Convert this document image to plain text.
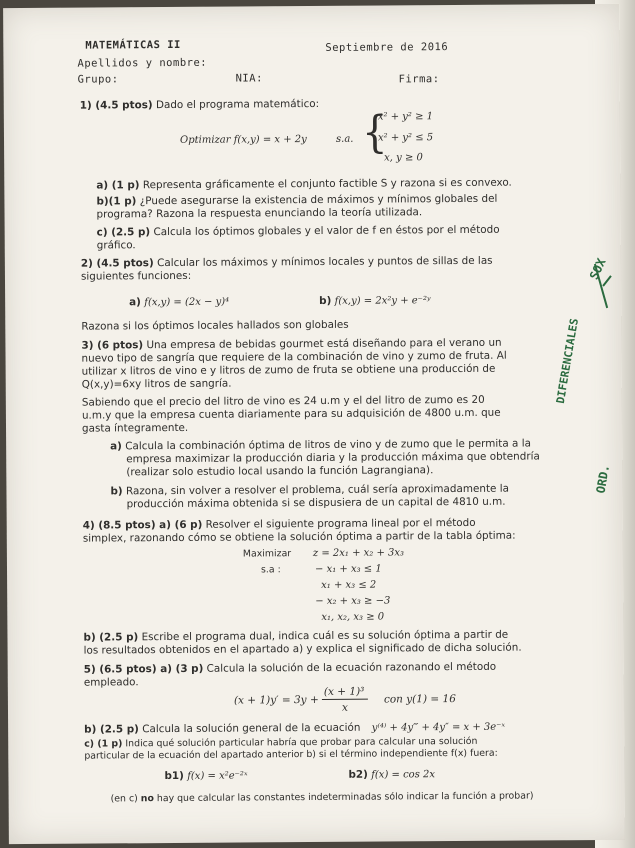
MATEMÁTICAS II	Septiembre de 2016
Apellidos y nombre:
Grupo:	NIA:	Firma:
1) (4.5 ptos) Dado el programa matemático:
Optimizar f(x,y) = x + 2y	s.a. {
x² + y² ≥ 1
x² + y² ≤ 5
x, y ≥ 0
a) (1 p) Representa gráficamente el conjunto factible S y razona si es convexo.
b)(1 p) ¿Puede asegurarse la existencia de máximos y mínimos globales del
programa? Razona la respuesta enunciando la teoría utilizada.
c) (2.5 p) Calcula los óptimos globales y el valor de f en éstos por el método
gráfico.
2) (4.5 ptos) Calcular los máximos y mínimos locales y puntos de sillas de las
siguientes funciones:
a) f(x,y) = (2x − y)⁴	b) f(x,y) = 2x²y + e⁻²ʸ
Razona si los óptimos locales hallados son globales
3) (6 ptos) Una empresa de bebidas gourmet está diseñando para el verano un
nuevo tipo de sangría que requiere de la combinación de vino y zumo de fruta. Al
utilizar x litros de vino e y litros de zumo de fruta se obtiene una producción de
Q(x,y)=6xy litros de sangría.
Sabiendo que el precio del litro de vino es 24 u.m y el del litro de zumo es 20
u.m.y que la empresa cuenta diariamente para su adquisición de 4800 u.m. que
gasta íntegramente.
a) Calcula la combinación óptima de litros de vino y de zumo que le permita a la
empresa maximizar la producción diaria y la producción máxima que obtendría
(realizar solo estudio local usando la función Lagrangiana).
b) Razona, sin volver a resolver el problema, cuál sería aproximadamente la
producción máxima obtenida si se dispusiera de un capital de 4810 u.m.
4) (8.5 ptos) a) (6 p) Resolver el siguiente programa lineal por el método
simplex, razonando cómo se obtiene la solución óptima a partir de la tabla óptima:
Maximizar z = 2x₁ + x₂ + 3x₃
s.a :	− x₁ + x₃ ≤ 1
x₁ + x₃ ≤ 2
− x₂ + x₃ ≥ −3
x₁, x₂, x₃ ≥ 0
b) (2.5 p) Escribe el programa dual, indica cuál es su solución óptima a partir de
los resultados obtenidos en el apartado a) y explica el significado de dicha solución.
5) (6.5 ptos) a) (3 p) Calcula la solución de la ecuación razonando el método
empleado.
(x + 1)y′ = 3y +
(x + 1)³
x
con y(1) = 16
b) (2.5 p) Calcula la solución general de la ecuación y⁽⁴⁾ + 4y‴ + 4y″ = x + 3e⁻ˣ
c) (1 p) Indica qué solución particular habría que probar para calcular una solución
particular de la ecuación del apartado anterior b) si el término independiente f(x) fuera:
b1) f(x) = x²e⁻²ˣ	b2) f(x) = cos 2x
(en c) no hay que calcular las constantes indeterminadas sólo indicar la función a probar)
SOX
DIFERENCIALES
ORD.
